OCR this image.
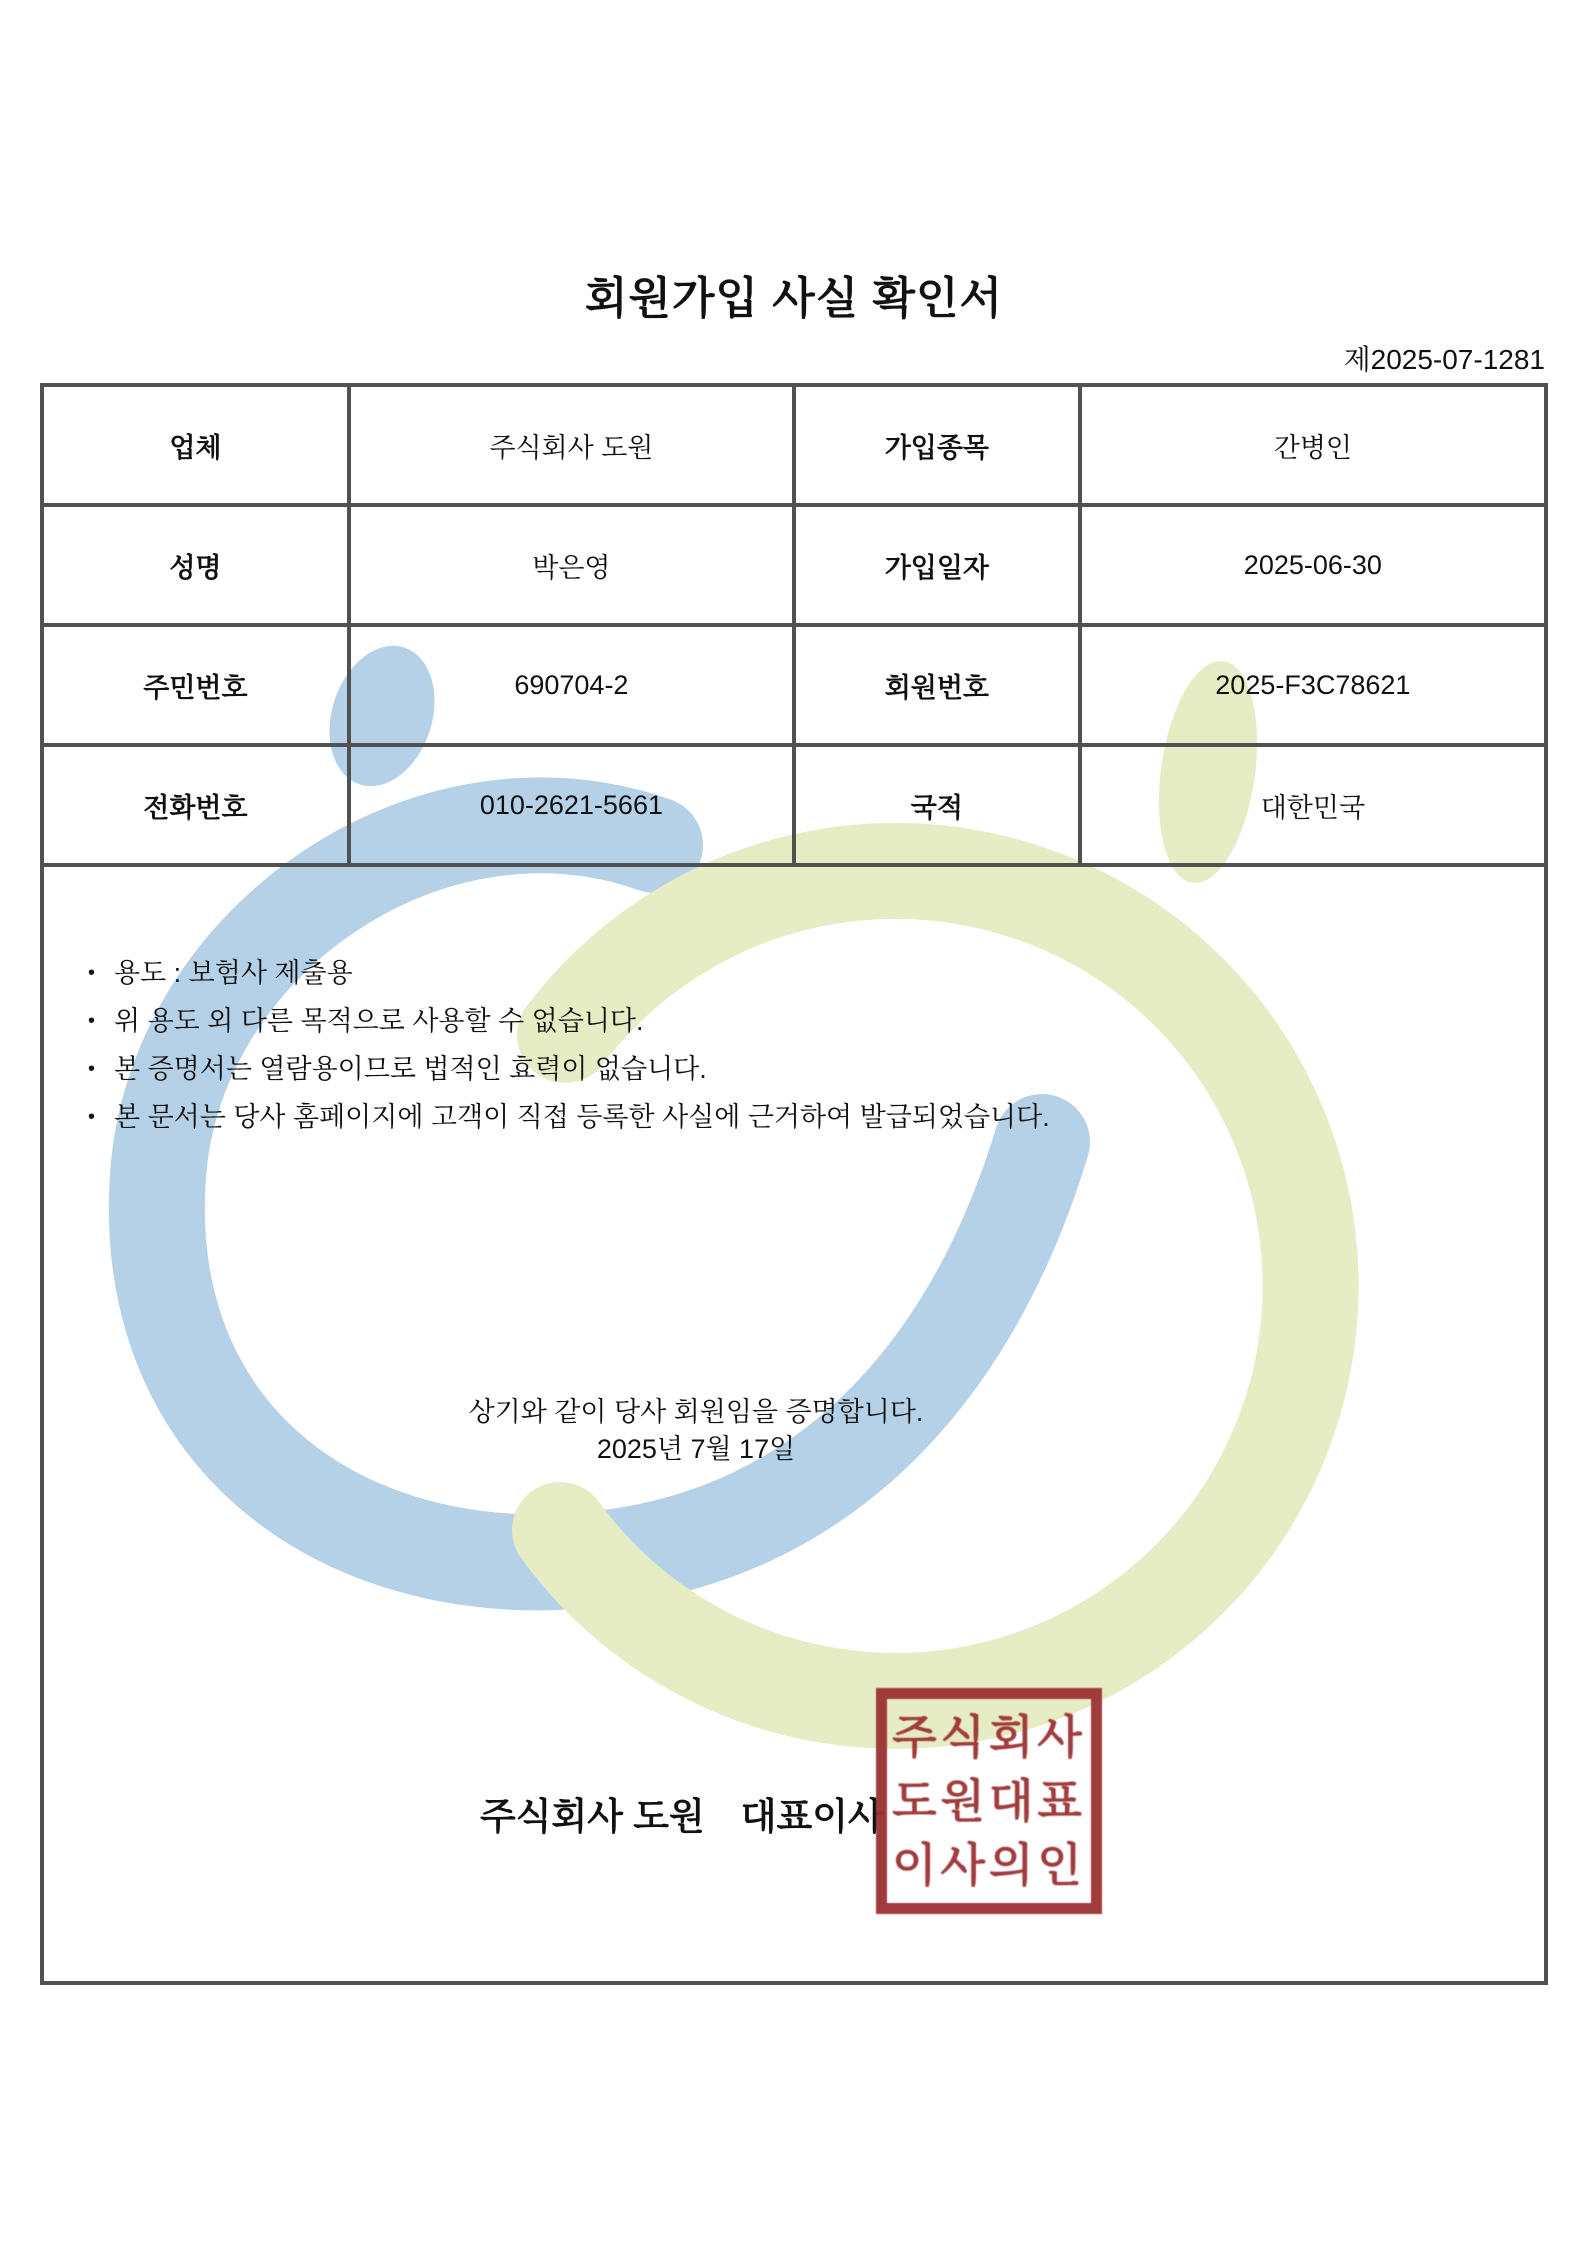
회원가입 사실 확인서
제2025-07-1281
업체	주식회사 도원	가입종목	간병인
성명	박은영	가입일자	2025-06-30
주민번호	690704-2	회원번호	2025-F3C78621
전화번호	010-2621-5661	국적	대한민국
• 용도 : 보험사 제출용
• 위 용도 외 다른 목적으로 사용할 수 없습니다.
• 본 증명서는 열람용이므로 법적인 효력이 없습니다.
• 본 문서는 당사 홈페이지에 고객이 직접 등록한 사실에 근거하여 발급되었습니다.
상기와 같이 당사 회원임을 증명합니다.
2025년 7월 17일
주식회사 도원 대표이사
주식회사
도원대표
이사의인
